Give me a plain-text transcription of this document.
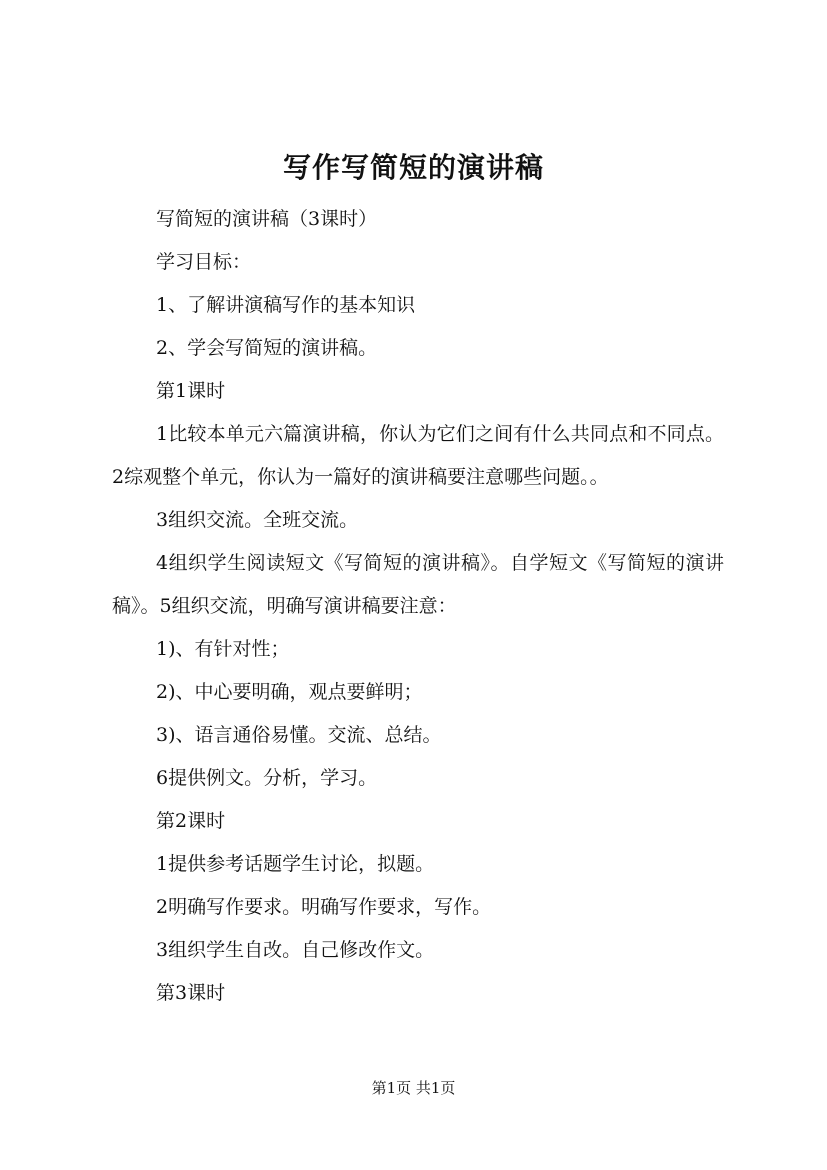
写作写简短的演讲稿

写简短的演讲稿（3课时）

学习目标：

1、了解讲演稿写作的基本知识

2、学会写简短的演讲稿。

第1课时

1比较本单元六篇演讲稿，你认为它们之间有什么共同点和不同点。2综观整个单元，你认为一篇好的演讲稿要注意哪些问题。。

3组织交流。全班交流。

4组织学生阅读短文《写简短的演讲稿》。自学短文《写简短的演讲稿》。5组织交流，明确写演讲稿要注意：

1)、有针对性；

2)、中心要明确，观点要鲜明；

3)、语言通俗易懂。交流、总结。

6提供例文。分析，学习。

第2课时

1提供参考话题学生讨论，拟题。

2明确写作要求。明确写作要求，写作。

3组织学生自改。自己修改作文。

第3课时

第1页 共1页
